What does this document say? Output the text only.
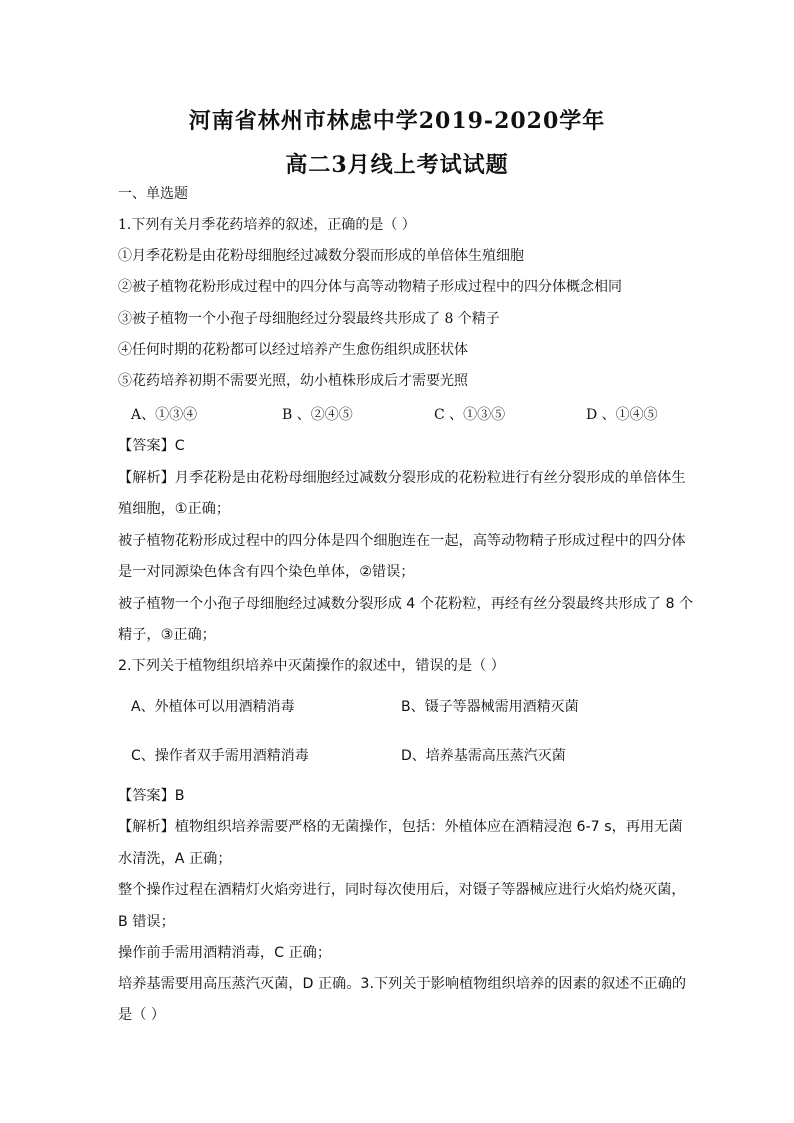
河南省林州市林虑中学2019-2020学年
高二3月线上考试试题
一、单选题
1.下列有关月季花药培养的叙述，正确的是（ ）
①月季花粉是由花粉母细胞经过减数分裂而形成的单倍体生殖细胞
②被子植物花粉形成过程中的四分体与高等动物精子形成过程中的四分体概念相同
③被子植物一个小孢子母细胞经过分裂最终共形成了 8 个精子
④任何时期的花粉都可以经过培养产生愈伤组织成胚状体
⑤花药培养初期不需要光照，幼小植株形成后才需要光照
A、①③④	B 、②④⑤	C 、①③⑤	D 、①④⑤
【答案】C
【解析】月季花粉是由花粉母细胞经过减数分裂形成的花粉粒进行有丝分裂形成的单倍体生
殖细胞，①正确；
被子植物花粉形成过程中的四分体是四个细胞连在一起，高等动物精子形成过程中的四分体
是一对同源染色体含有四个染色单体，②错误；
被子植物一个小孢子母细胞经过减数分裂形成 4 个花粉粒，再经有丝分裂最终共形成了 8 个
精子，③正确；
2.下列关于植物组织培养中灭菌操作的叙述中，错误的是（ ）
A、外植体可以用酒精消毒	B、镊子等器械需用酒精灭菌
C、操作者双手需用酒精消毒	D、培养基需高压蒸汽灭菌
【答案】B
【解析】植物组织培养需要严格的无菌操作，包括：外植体应在酒精浸泡 6-7 s，再用无菌
水清洗，A 正确；
整个操作过程在酒精灯火焰旁进行，同时每次使用后，对镊子等器械应进行火焰灼烧灭菌，
B 错误；
操作前手需用酒精消毒，C 正确；
培养基需要用高压蒸汽灭菌，D 正确。3.下列关于影响植物组织培养的因素的叙述不正确的
是（ ）
